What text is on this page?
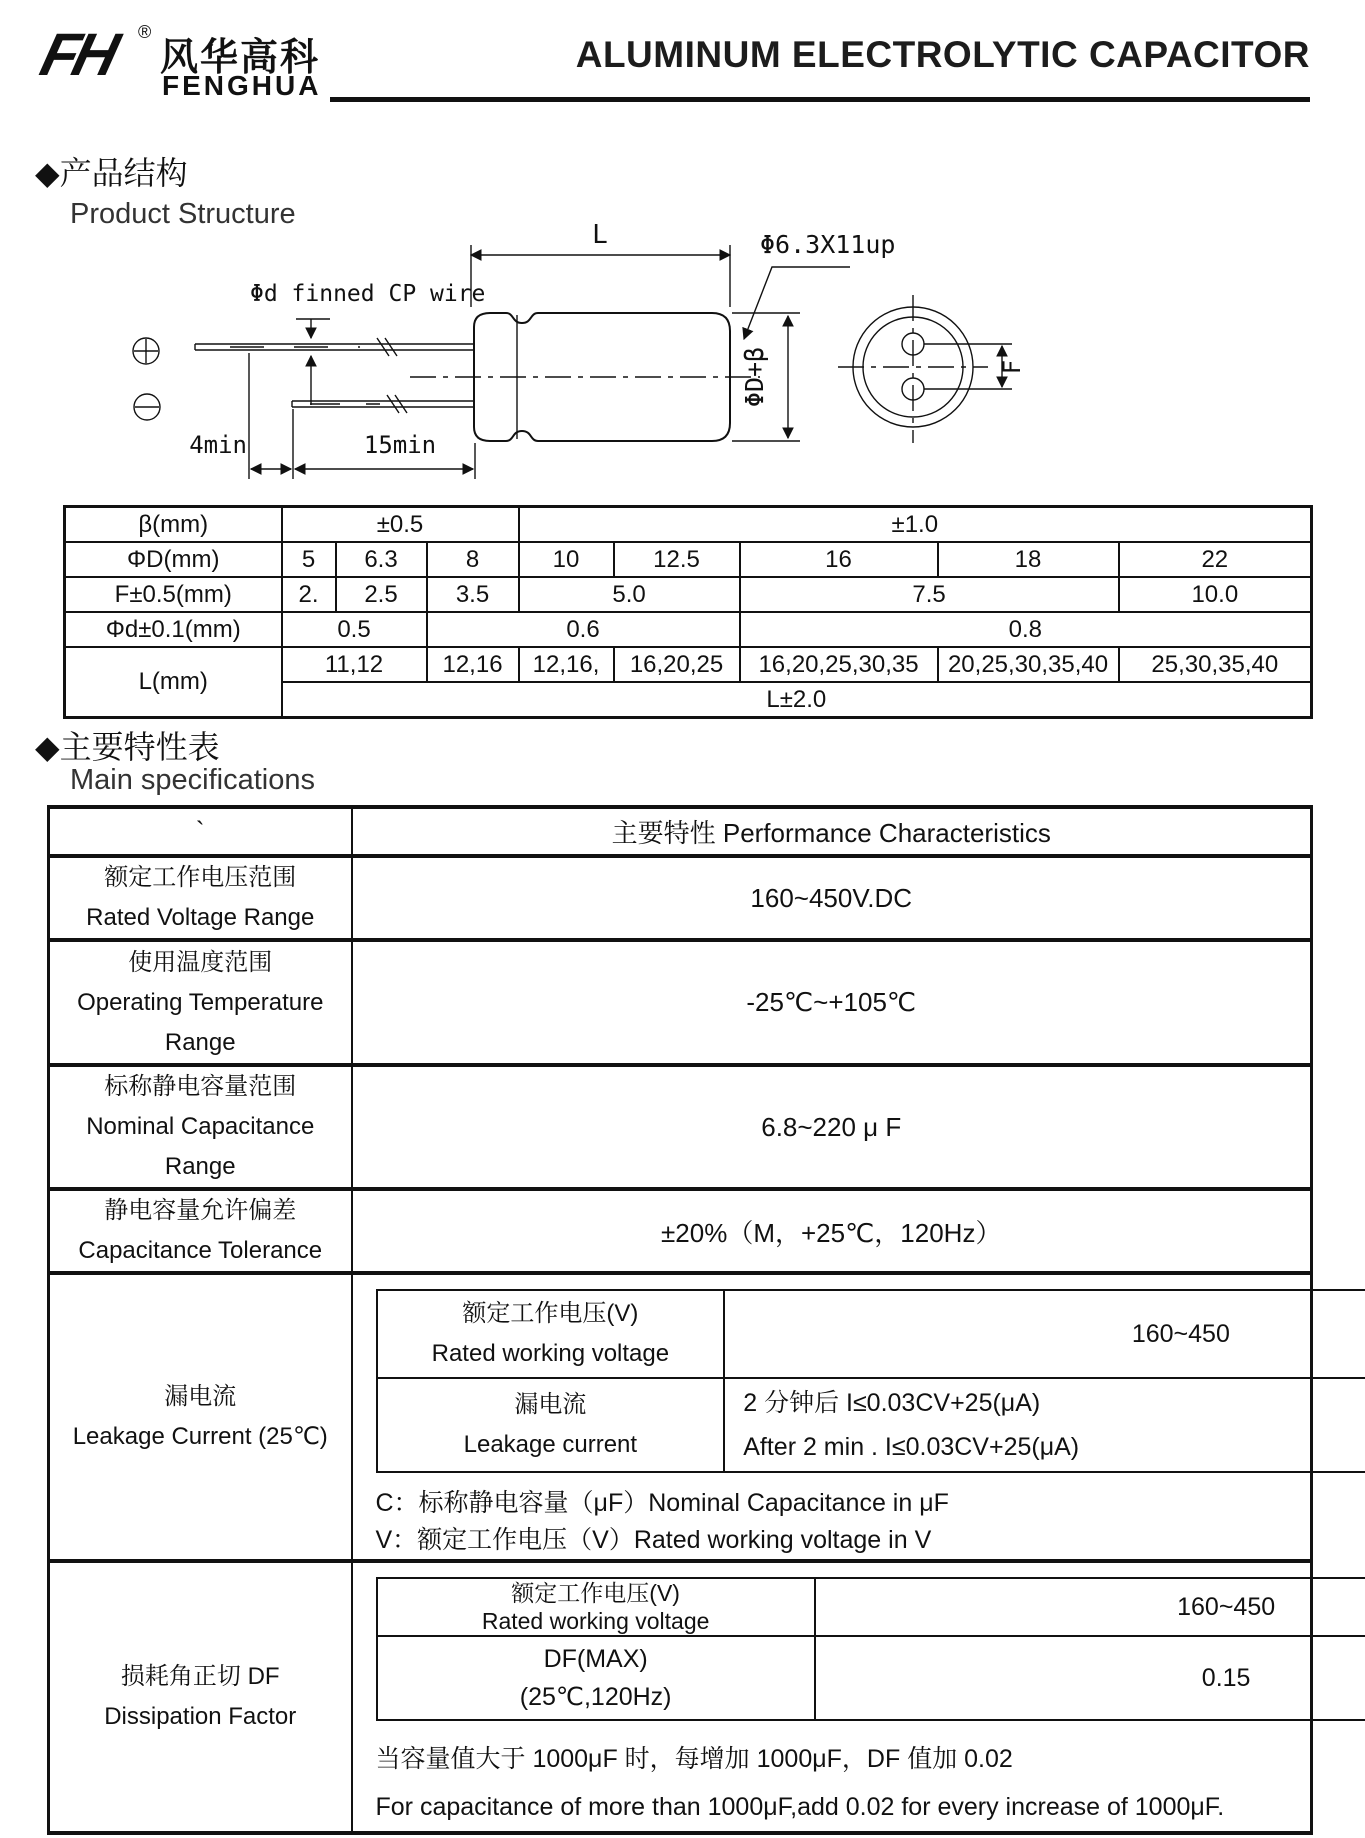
FH ®
风华高科
FENGHUA
ALUMINUM ELECTROLYTIC CAPACITOR
◆产品结构
Product Structure
Φd finned CP wire
L	Φ6.3X11up
ΦD+β
4min	15min
F
β(mm)	±0.5			±1.0				
ΦD(mm)	5	6.3	8	10	12.5	16	18	22
F±0.5(mm)	2.	2.5	3.5	5.0		7.5		10.0
Φd±0.1(mm)	0.5		0.6			0.8		
L(mm)	11,12		12,16	12,16,	16,20,25	16,20,25,30,35	20,25,30,35,40	25,30,35,40
	L±2.0							
◆主要特性表
Main specifications
`	主要特性 Performance Characteristics

额定工作电压范围
Rated Voltage Range
	160~450V.DC

使用温度范围
Operating Temperature
Range
	-25℃~+105℃

标称静电容量范围
Nominal Capacitance
Range
	6.8~220 μ F

静电容量允许偏差
Capacitance Tolerance
	±20%（M，+25℃，120Hz）

漏电流
Leakage Current (25℃)

额定工作电压(V)
Rated working voltage
	160~450

漏电流
Leakage current

2 分钟后 I≤0.03CV+25(μA)
After 2 min . I≤0.03CV+25(μA)
C：标称静电容量（μF）Nominal Capacitance in μF
V：额定工作电压（V）Rated working voltage in V

损耗角正切 DF
Dissipation Factor

额定工作电压(V)
Rated working voltage
	160~450

DF(MAX)
(25℃,120Hz)
	0.15
当容量值大于 1000μF 时，每增加 1000μF，DF 值加 0.02
For capacitance of more than 1000μF,add 0.02 for every increase of 1000μF.
